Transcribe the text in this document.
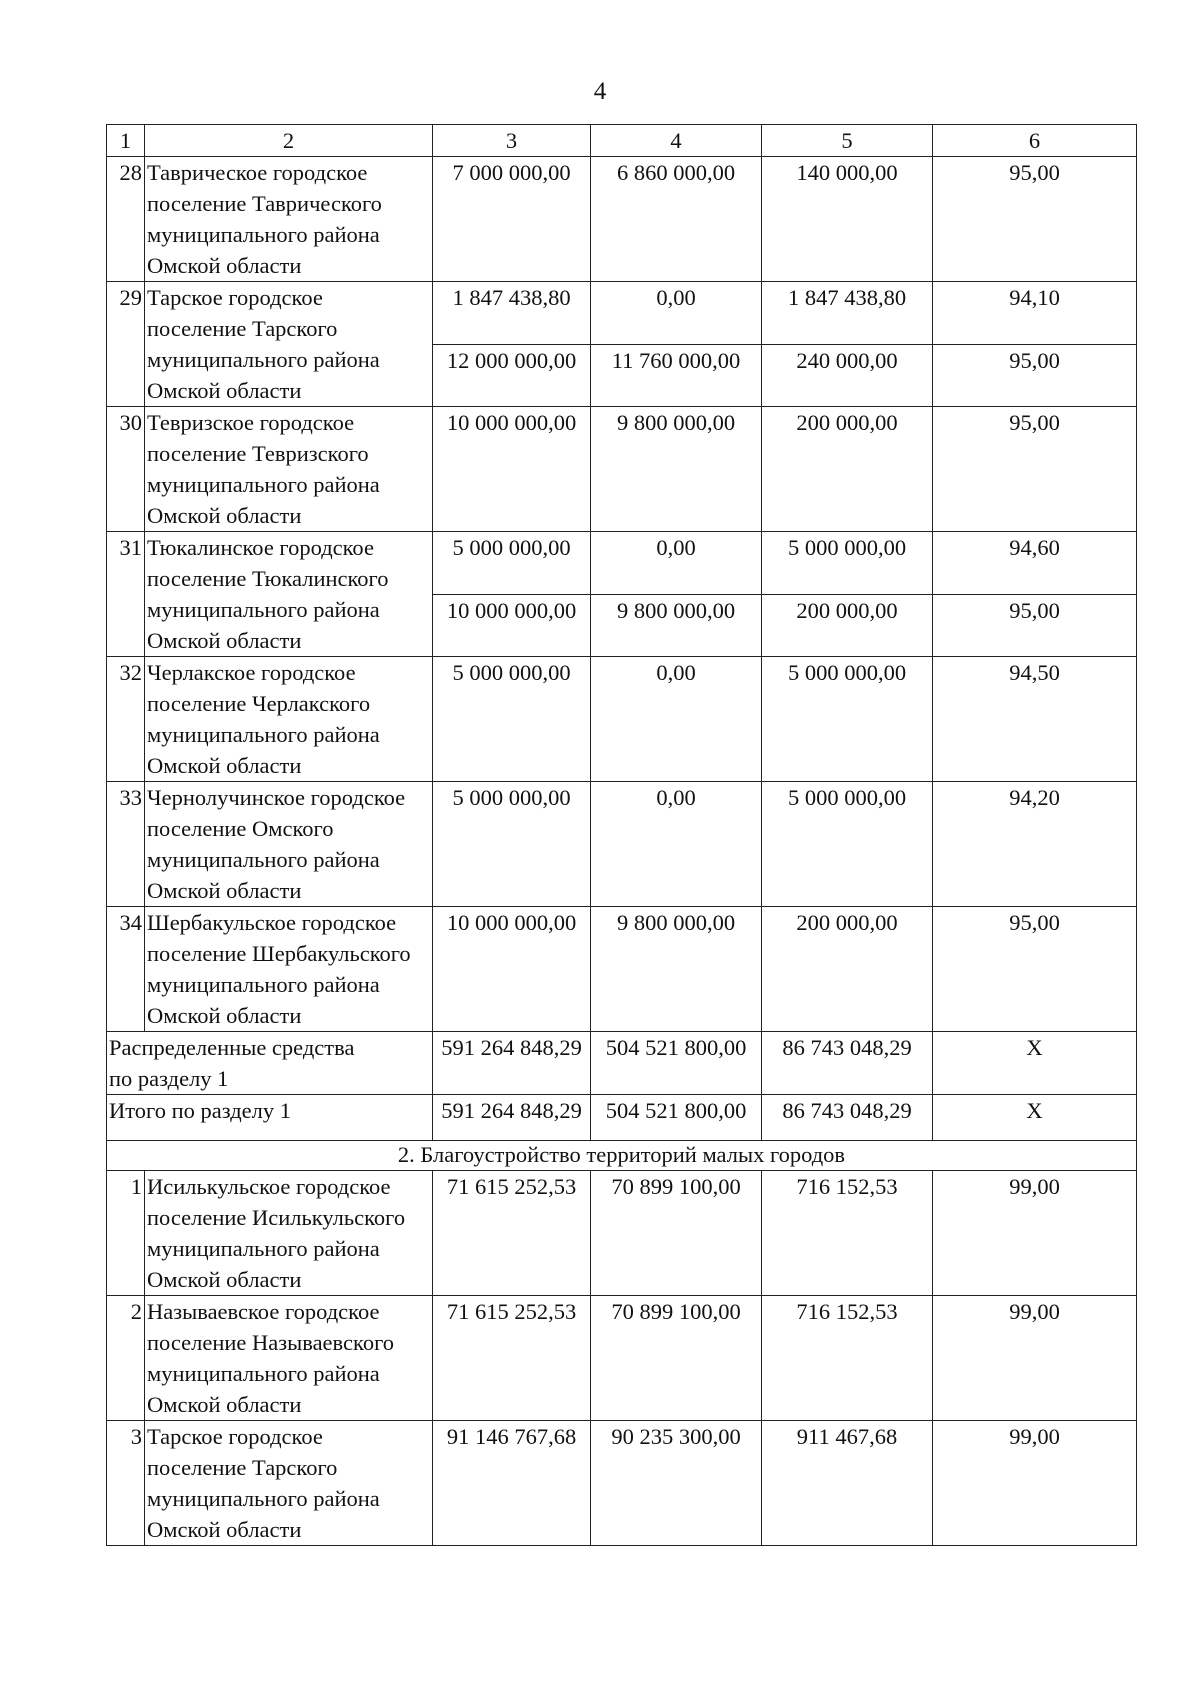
4
1	2	3	4	5	6
28	Таврическое городское
поселение Таврического
муниципального района
Омской области	7 000 000,00	6 860 000,00	140 000,00	95,00
29	Тарское городское
поселение Тарского
муниципального района
Омской области	1 847 438,80	0,00	1 847 438,80	94,10
		12 000 000,00	11 760 000,00	240 000,00	95,00
30	Тевризское городское
поселение Тевризского
муниципального района
Омской области	10 000 000,00	9 800 000,00	200 000,00	95,00
31	Тюкалинское городское
поселение Тюкалинского
муниципального района
Омской области	5 000 000,00	0,00	5 000 000,00	94,60
		10 000 000,00	9 800 000,00	200 000,00	95,00
32	Черлакское городское
поселение Черлакского
муниципального района
Омской области	5 000 000,00	0,00	5 000 000,00	94,50
33	Чернолучинское городское
поселение Омского
муниципального района
Омской области	5 000 000,00	0,00	5 000 000,00	94,20
34	Шербакульское городское
поселение Шербакульского
муниципального района
Омской области	10 000 000,00	9 800 000,00	200 000,00	95,00

Распределенные средства
по разделу 1		591 264 848,29	504 521 800,00	86 743 048,29	Х
Итого по разделу 1		591 264 848,29	504 521 800,00	86 743 048,29	Х
2. Благоустройство территорий малых городов					
1	Исилькульское городское
поселение Исилькульского
муниципального района
Омской области	71 615 252,53	70 899 100,00	716 152,53	99,00
2	Называевское городское
поселение Называевского
муниципального района
Омской области	71 615 252,53	70 899 100,00	716 152,53	99,00
3	Тарское городское
поселение Тарского
муниципального района
Омской области	91 146 767,68	90 235 300,00	911 467,68	99,00
